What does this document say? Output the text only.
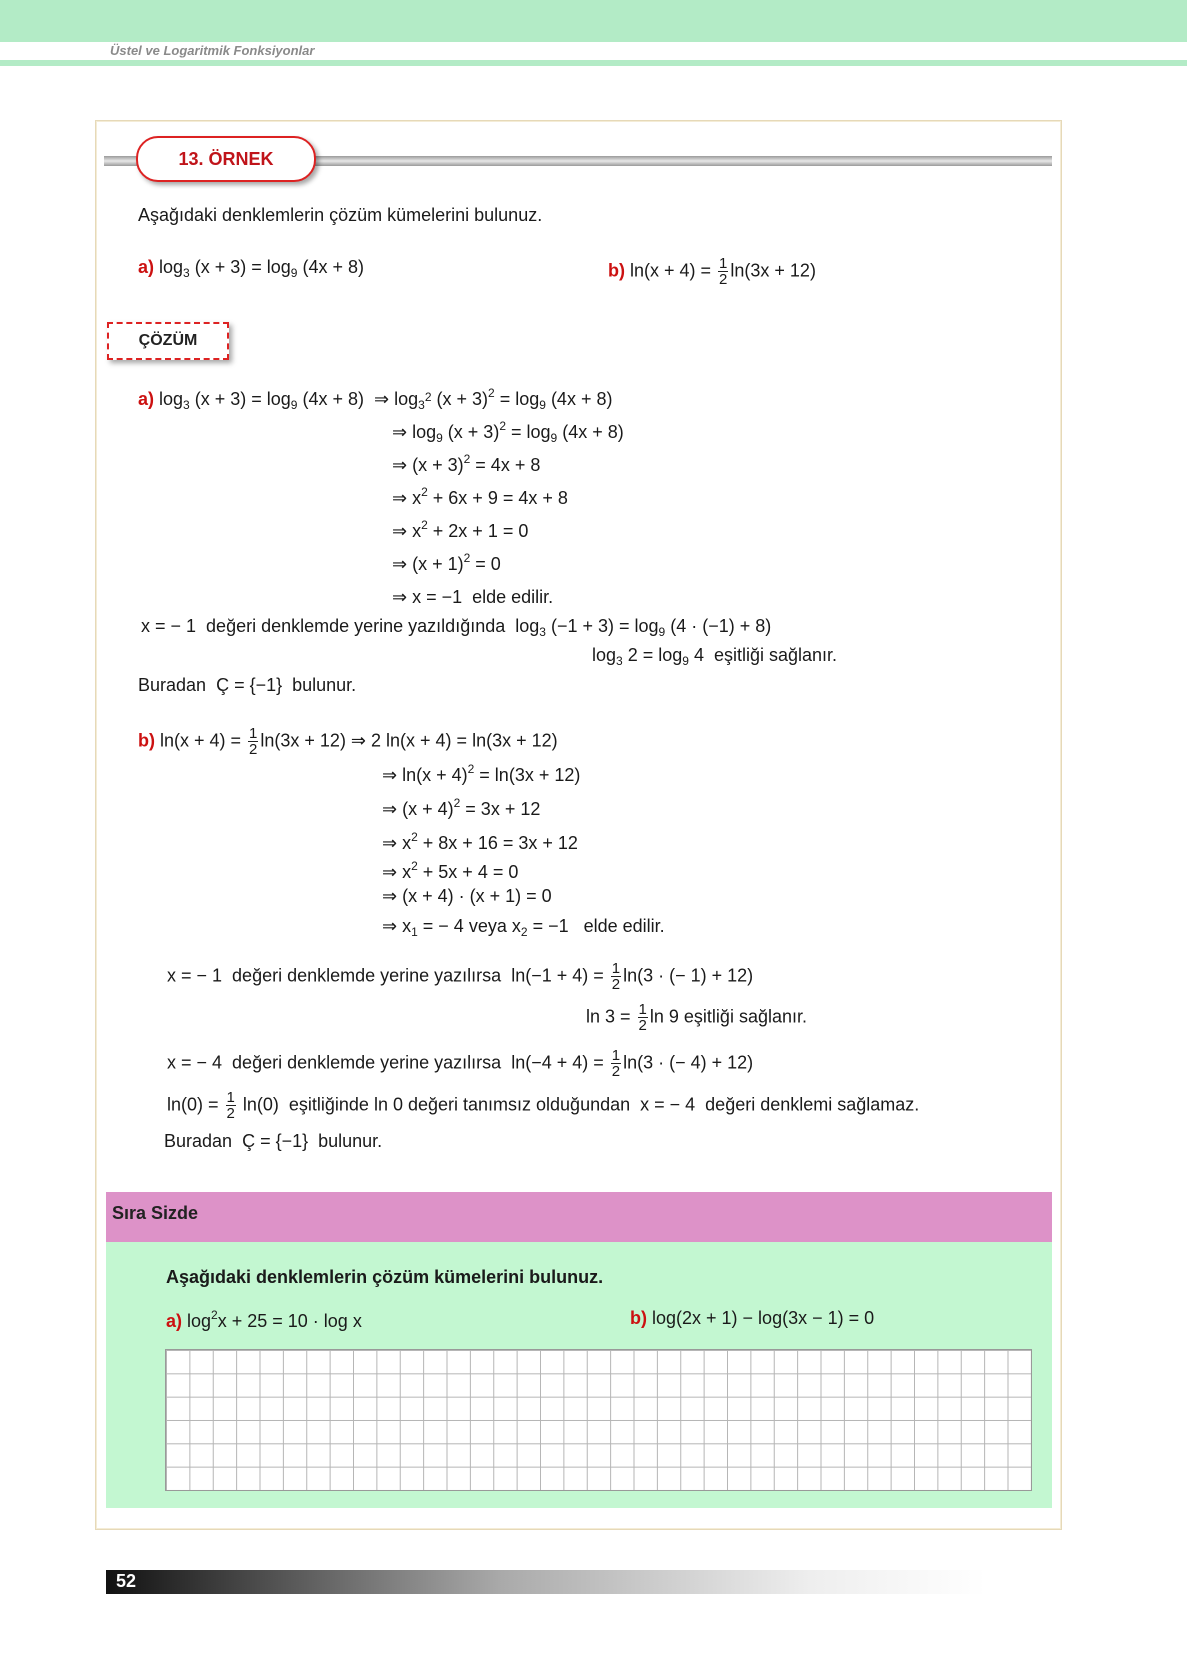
Üstel ve Logaritmik Fonksiyonlar
13. ÖRNEK
Aşağıdaki denklemlerin çözüm kümelerini bulunuz.
a) $\log_3 (x + 3) = \log_9 (4x + 8)$	b) $\ln(x + 4) = \frac{1}{2} \ln(3x + 12)$
ÇÖZÜM
a) $\log_3 (x + 3) = \log_9 (4x + 8)$  ⇒ $\log_{3^2} (x + 3)^2 = \log_9 (4x + 8)$
⇒ $\log_9 (x + 3)^2 = \log_9 (4x + 8)$
⇒ $(x + 3)^2 = 4x + 8$
⇒ $x^2 + 6x + 9 = 4x + 8$
⇒ $x^2 + 2x + 1 = 0$
⇒ $(x + 1)^2 = 0$
⇒ x = −1  elde edilir.
x = − 1  değeri denklemde yerine yazıldığında  $\log_3 (-1 + 3) = \log_9 (4 \cdot (-1) + 8)$
$\log_3 2 = \log_9 4$  eşitliği sağlanır.
Buradan  Ç = {−1}  bulunur.
b) $\ln(x + 4) = \frac{1}{2} \ln(3x + 12)$ ⇒ 2 ln(x + 4) = ln(3x + 12)
⇒ $\ln(x + 4)^2 = \ln(3x + 12)$
⇒ $(x + 4)^2 = 3x + 12$
⇒ $x^2 + 8x + 16 = 3x + 12$
⇒ $x^2 + 5x + 4 = 0$
⇒ (x + 4) · (x + 1) = 0
⇒ $x_1$ = − 4 veya $x_2 = -1$   elde edilir.
x = − 1  değeri denklemde yerine yazılırsa  $\ln(-1 + 4) = \frac{1}{2} \ln(3$ · (− 1) + 12)
$\ln 3 = \frac{1}{2}$ ln 9 eşitliği sağlanır.
x = − 4  değeri denklemde yerine yazılırsa  $\ln(-4 + 4) = \frac{1}{2} \ln(3$ · (− 4) + 12)
$\ln(0) = \frac{1}{2} \ln(0)$  eşitliğinde ln 0 değeri tanımsız olduğundan  x = − 4  değeri denklemi sağlamaz.
Buradan  Ç = {−1}  bulunur.
Sıra Sizde
Aşağıdaki denklemlerin çözüm kümelerini bulunuz.
a) $\log^2x + 25 = 10 \cdot \log x$	b) log(2x + 1) − log(3x − 1) = 0
52
